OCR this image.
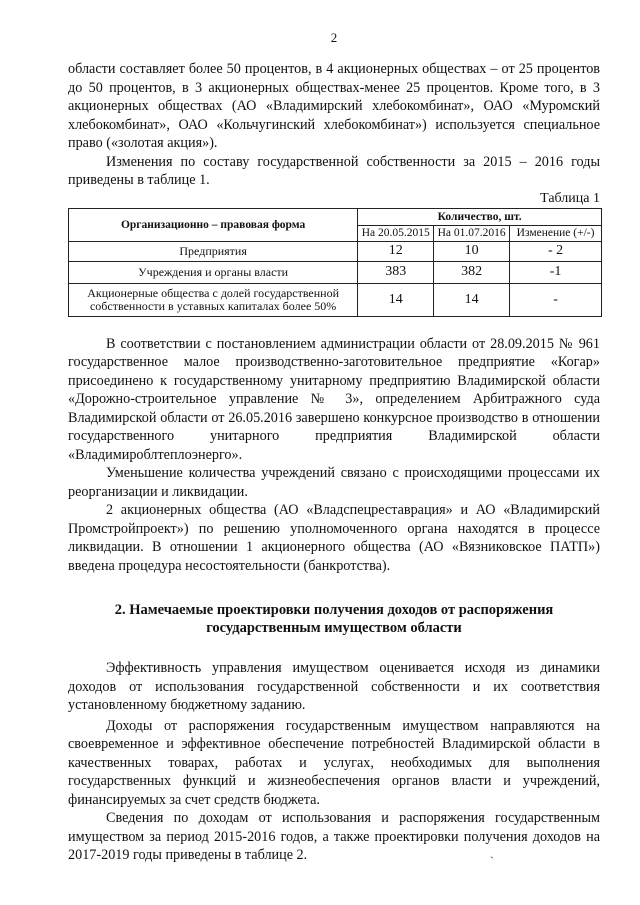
2

области составляет более 50 процентов, в 4 акционерных обществах – от 25 процентов до 50 процентов, в 3 акционерных обществах-менее 25 процентов. Кроме того, в 3 акционерных обществах (АО «Владимирский хлебокомбинат», ОАО «Муромский хлебокомбинат», ОАО «Кольчугинский хлебокомбинат») используется специальное право («золотая акция»).

Изменения по составу государственной собственности за 2015 – 2016 годы приведены в таблице 1.

Таблица 1
Организационно – правовая форма	Количество, шт.		
	На 20.05.2015	На 01.07.2016	Изменение (+/-)
Предприятия	12	10	- 2
Учреждения и органы власти	383	382	-1
Акционерные общества с долей государственной собственности в уставных капиталах более 50%	14	14	-

В соответствии с постановлением администрации области от 28.09.2015 № 961 государственное малое производственно-заготовительное предприятие «Когар» присоединено к государственному унитарному предприятию Владимирской области «Дорожно-строительное управление № 3», определением Арбитражного суда Владимирской области от 26.05.2016 завершено конкурсное производство в отношении государственного унитарного предприятия Владимирской области «Владимироблтеплоэнерго».

Уменьшение количества учреждений связано с происходящими процессами их реорганизации и ликвидации.

2 акционерных общества (АО «Владспецреставрация» и АО «Владимирский Промстройпроект») по решению уполномоченного органа находятся в процессе ликвидации. В отношении 1 акционерного общества (АО «Вязниковское ПАТП») введена процедура несостоятельности (банкротства).

2. Намечаемые проектировки получения доходов от распоряжения государственным имуществом области

Эффективность управления имуществом оценивается исходя из динамики доходов от использования государственной собственности и их соответствия установленному бюджетному заданию.

Доходы от распоряжения государственным имуществом направляются на своевременное и эффективное обеспечение потребностей Владимирской области в качественных товарах, работах и услугах, необходимых для выполнения государственных функций и жизнеобеспечения органов власти и учреждений, финансируемых за счет средств бюджета.

Сведения по доходам от использования и распоряжения государственным имуществом за период 2015-2016 годов, а также проектировки получения доходов на 2017-2019 годы приведены в таблице 2.	ˎ
